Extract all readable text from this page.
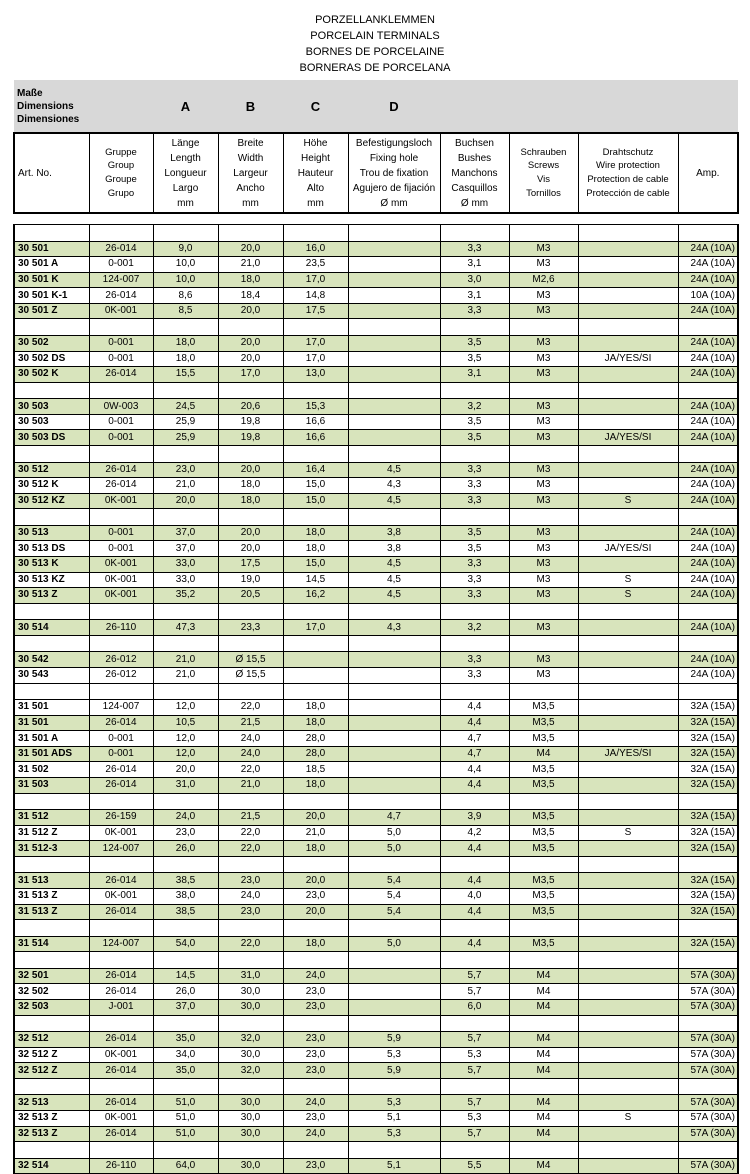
PORZELLANKLEMMEN
PORCELAIN TERMINALS
BORNES DE PORCELAINE
BORNERAS DE PORCELANA
Maße
Dimensions
Dimensiones		A	B	C	D				

Art. No.	Gruppe
Group
Groupe
Grupo	Länge
Length
Longueur
Largo
mm	Breite
Width
Largeur
Ancho
mm	Höhe
Height
Hauteur
Alto
mm	Befestigungsloch
Fixing hole
Trou de fixation
Agujero de fijación
Ø mm	Buchsen
Bushes
Manchons
Casquillos
Ø mm	Schrauben
Screws
Vis
Tornillos	Drahtschutz
Wire protection
Protection de cable
Protección de cable	Amp.

30 501	26-014	9,0	20,0	16,0		3,3	M3		24A (10A)
30 501 A	0-001	10,0	21,0	23,5		3,1	M3		24A (10A)
30 501 K	124-007	10,0	18,0	17,0		3,0	M2,6		24A (10A)
30 501 K-1	26-014	8,6	18,4	14,8		3,1	M3		10A (10A)
30 501 Z	0K-001	8,5	20,0	17,5		3,3	M3		24A (10A)

30 502	0-001	18,0	20,0	17,0		3,5	M3		24A (10A)
30 502 DS	0-001	18,0	20,0	17,0		3,5	M3	JA/YES/SI	24A (10A)
30 502 K	26-014	15,5	17,0	13,0		3,1	M3		24A (10A)

30 503	0W-003	24,5	20,6	15,3		3,2	M3		24A (10A)
30 503	0-001	25,9	19,8	16,6		3,5	M3		24A (10A)
30 503 DS	0-001	25,9	19,8	16,6		3,5	M3	JA/YES/SI	24A (10A)

30 512	26-014	23,0	20,0	16,4	4,5	3,3	M3		24A (10A)
30 512 K	26-014	21,0	18,0	15,0	4,3	3,3	M3		24A (10A)
30 512 KZ	0K-001	20,0	18,0	15,0	4,5	3,3	M3	S	24A (10A)

30 513	0-001	37,0	20,0	18,0	3,8	3,5	M3		24A (10A)
30 513 DS	0-001	37,0	20,0	18,0	3,8	3,5	M3	JA/YES/SI	24A (10A)
30 513 K	0K-001	33,0	17,5	15,0	4,5	3,3	M3		24A (10A)
30 513 KZ	0K-001	33,0	19,0	14,5	4,5	3,3	M3	S	24A (10A)
30 513 Z	0K-001	35,2	20,5	16,2	4,5	3,3	M3	S	24A (10A)

30 514	26-110	47,3	23,3	17,0	4,3	3,2	M3		24A (10A)

30 542	26-012	21,0	Ø 15,5			3,3	M3		24A (10A)
30 543	26-012	21,0	Ø 15,5			3,3	M3		24A (10A)

31 501	124-007	12,0	22,0	18,0		4,4	M3,5		32A (15A)
31 501	26-014	10,5	21,5	18,0		4,4	M3,5		32A (15A)
31 501 A	0-001	12,0	24,0	28,0		4,7	M3,5		32A (15A)
31 501 ADS	0-001	12,0	24,0	28,0		4,7	M4	JA/YES/SI	32A (15A)
31 502	26-014	20,0	22,0	18,5		4,4	M3,5		32A (15A)
31 503	26-014	31,0	21,0	18,0		4,4	M3,5		32A (15A)

31 512	26-159	24,0	21,5	20,0	4,7	3,9	M3,5		32A (15A)
31 512 Z	0K-001	23,0	22,0	21,0	5,0	4,2	M3,5	S	32A (15A)
31 512-3	124-007	26,0	22,0	18,0	5,0	4,4	M3,5		32A (15A)

31 513	26-014	38,5	23,0	20,0	5,4	4,4	M3,5		32A (15A)
31 513 Z	0K-001	38,0	24,0	23,0	5,4	4,0	M3,5		32A (15A)
31 513 Z	26-014	38,5	23,0	20,0	5,4	4,4	M3,5		32A (15A)

31 514	124-007	54,0	22,0	18,0	5,0	4,4	M3,5		32A (15A)

32 501	26-014	14,5	31,0	24,0		5,7	M4		57A (30A)
32 502	26-014	26,0	30,0	23,0		5,7	M4		57A (30A)
32 503	J-001	37,0	30,0	23,0		6,0	M4		57A (30A)

32 512	26-014	35,0	32,0	23,0	5,9	5,7	M4		57A (30A)
32 512 Z	0K-001	34,0	30,0	23,0	5,3	5,3	M4		57A (30A)
32 512 Z	26-014	35,0	32,0	23,0	5,9	5,7	M4		57A (30A)

32 513	26-014	51,0	30,0	24,0	5,3	5,7	M4		57A (30A)
32 513 Z	0K-001	51,0	30,0	23,0	5,1	5,3	M4	S	57A (30A)
32 513 Z	26-014	51,0	30,0	24,0	5,3	5,7	M4		57A (30A)

32 514	26-110	64,0	30,0	23,0	5,1	5,5	M4		57A (30A)
